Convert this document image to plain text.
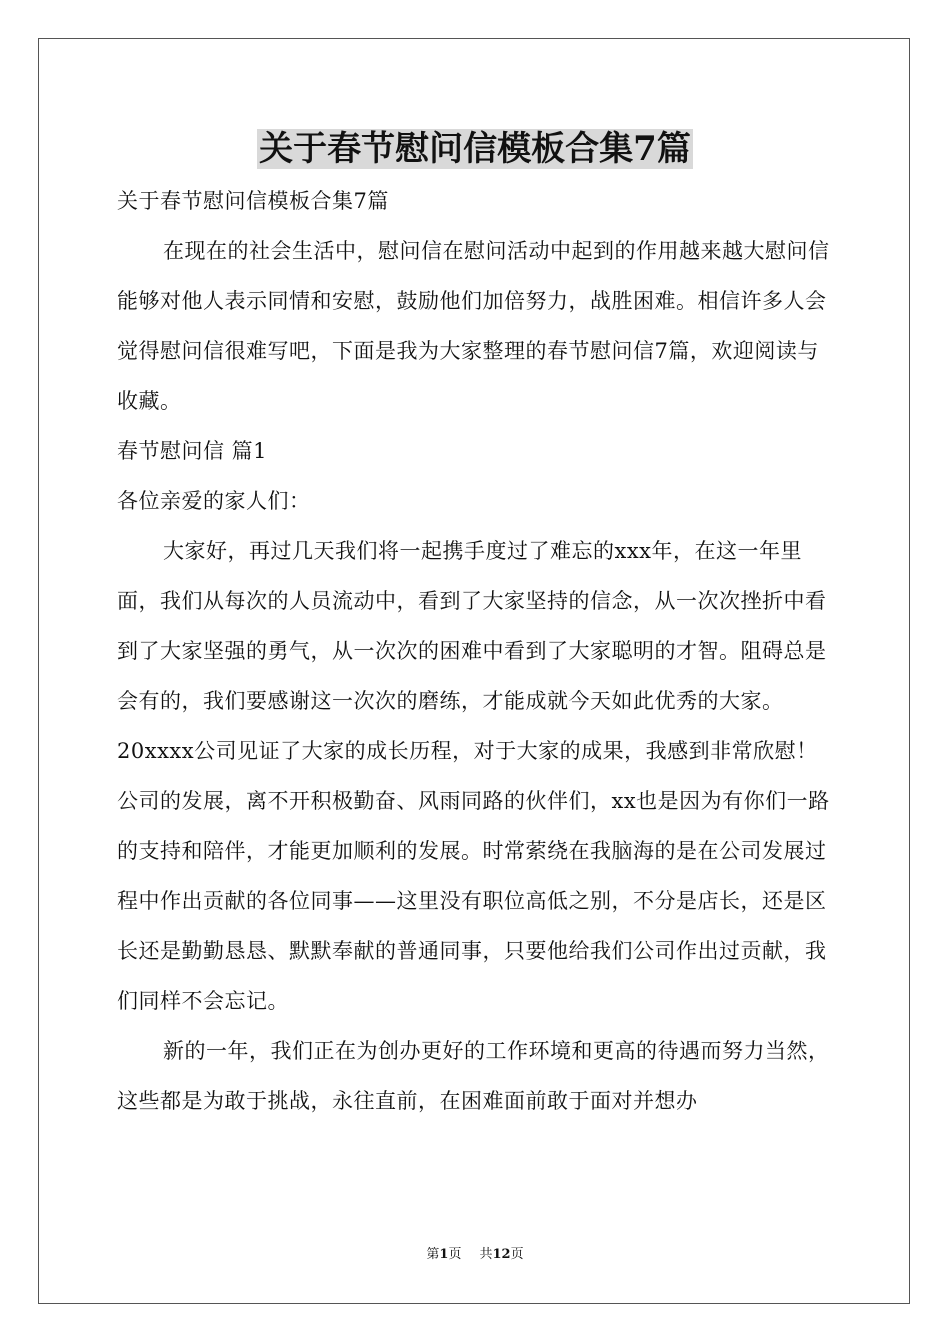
关于春节慰问信模板合集7篇

关于春节慰问信模板合集7篇

在现在的社会生活中，慰问信在慰问活动中起到的作用越来越大慰问信能够对他人表示同情和安慰，鼓励他们加倍努力，战胜困难。相信许多人会觉得慰问信很难写吧，下面是我为大家整理的春节慰问信7篇，欢迎阅读与收藏。

春节慰问信 篇1

各位亲爱的家人们：

大家好，再过几天我们将一起携手度过了难忘的xxx年，在这一年里面，我们从每次的人员流动中，看到了大家坚持的信念，从一次次挫折中看到了大家坚强的勇气，从一次次的困难中看到了大家聪明的才智。阻碍总是会有的，我们要感谢这一次次的磨练，才能成就今天如此优秀的大家。20xxxx公司见证了大家的成长历程，对于大家的成果，我感到非常欣慰！公司的发展，离不开积极勤奋、风雨同路的伙伴们，xx也是因为有你们一路的支持和陪伴，才能更加顺利的发展。时常萦绕在我脑海的是在公司发展过程中作出贡献的各位同事——这里没有职位高低之别，不分是店长，还是区长还是勤勤恳恳、默默奉献的普通同事，只要他给我们公司作出过贡献，我们同样不会忘记。

新的一年，我们正在为创办更好的工作环境和更高的待遇而努力当然，这些都是为敢于挑战，永往直前，在困难面前敢于面对并想办

第1页 共12页
